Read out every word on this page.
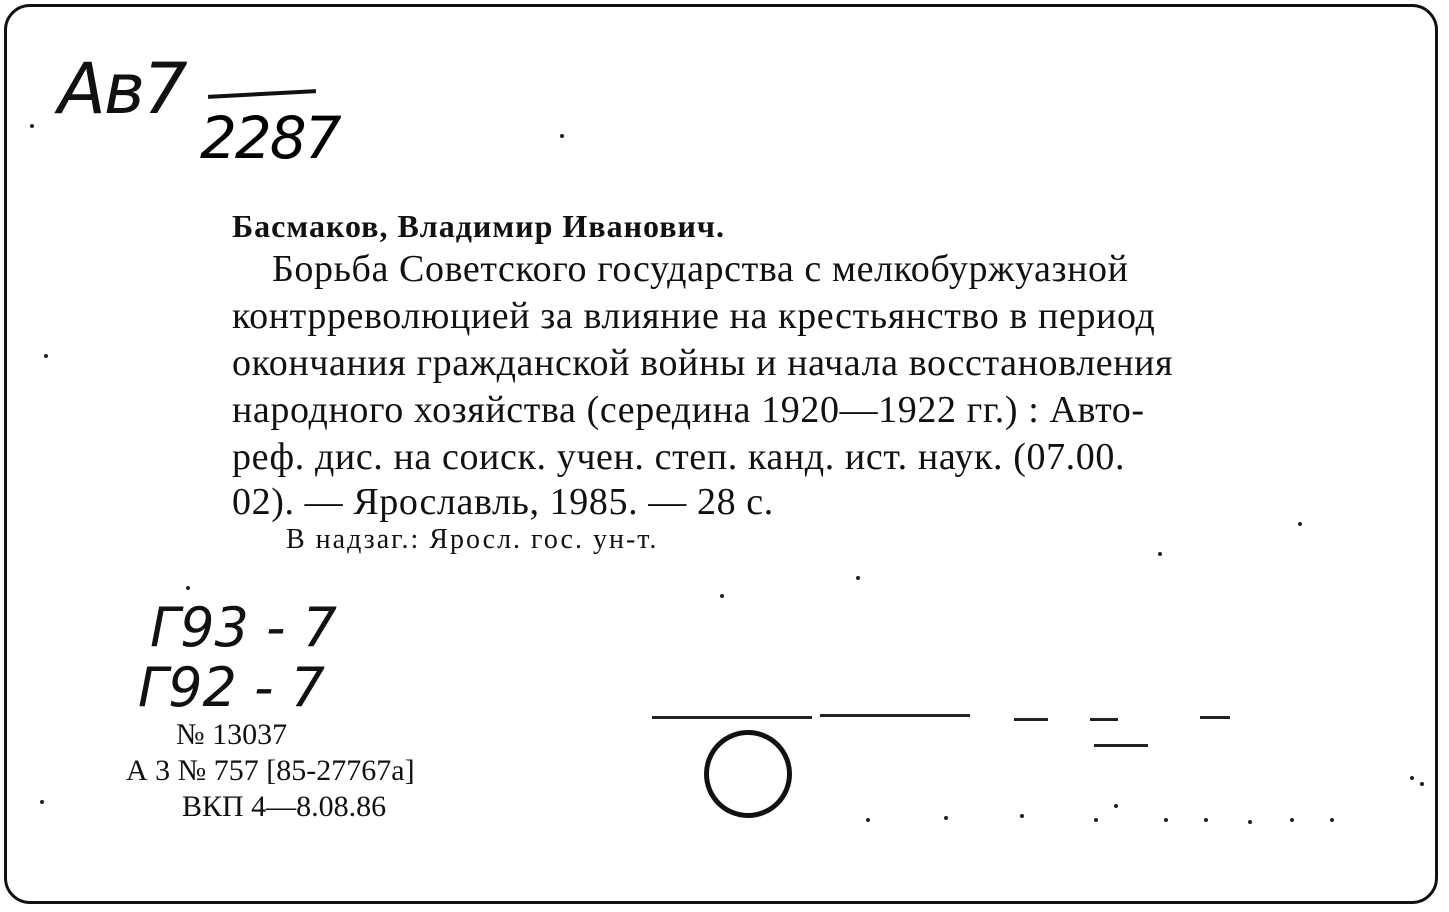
Ав7
2287
Басмаков, Владимир Иванович.
Борьба Советского государства с мелкобуржуазной
контрреволюцией за влияние на крестьянство в период
окончания гражданской войны и начала восстановления
народного хозяйства (середина 1920—1922 гг.) : Авто-
реф. дис. на соиск. учен. степ. канд. ист. наук. (07.00.
02). — Ярославль, 1985. — 28 с.
В надзаг.: Яросл. гос. ун-т.
Г93 - 7
Г92 - 7
№ 13037
А 3 № 757 [85-27767а]
ВКП 4—8.08.86
